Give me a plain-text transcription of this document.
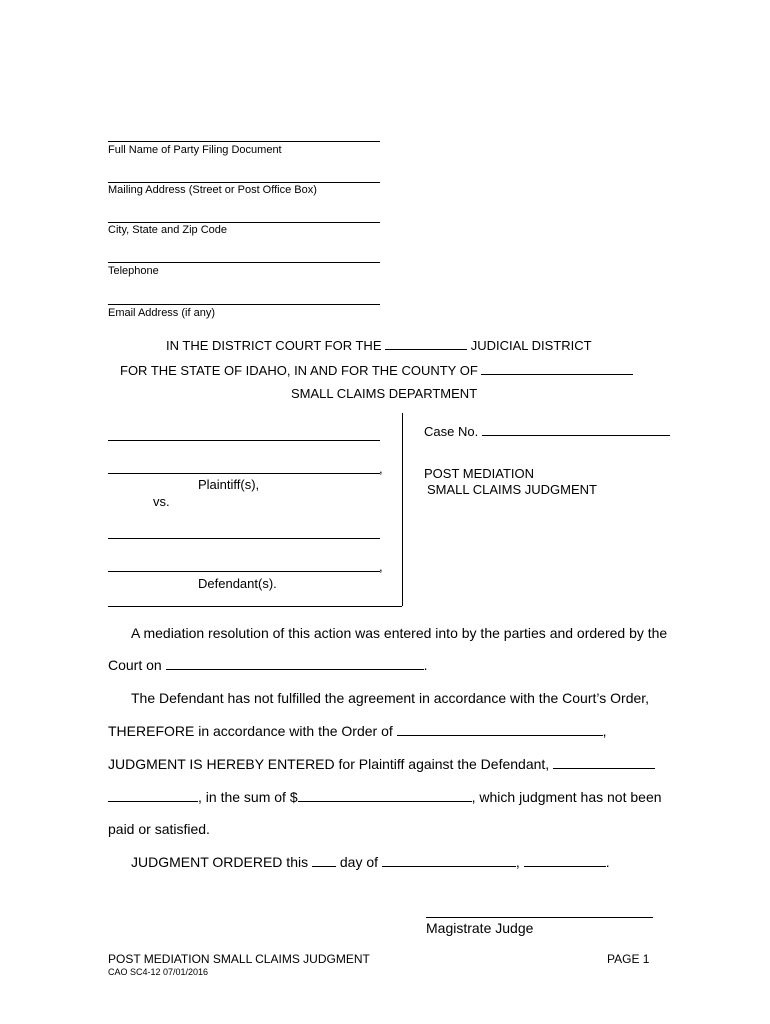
Full Name of Party Filing Document
Mailing Address (Street or Post Office Box)
City, State and Zip Code
Telephone
Email Address (if any)
IN THE DISTRICT COURT FOR THE	JUDICIAL DISTRICT
FOR THE STATE OF IDAHO, IN AND FOR THE COUNTY OF
SMALL CLAIMS DEPARTMENT
,
Plaintiff(s),
vs.
,
Defendant(s).
Case No.
POST MEDIATION
SMALL CLAIMS JUDGMENT
A mediation resolution of this action was entered into by the parties and ordered by the
Court on	.
The Defendant has not fulfilled the agreement in accordance with the Court’s Order,
THEREFORE in accordance with the Order of	,
JUDGMENT IS HEREBY ENTERED for Plaintiff against the Defendant,
, in the sum of $	, which judgment has not been
paid or satisfied.
JUDGMENT ORDERED this day of	,	.
Magistrate Judge
POST MEDIATION SMALL CLAIMS JUDGMENT	PAGE 1
CAO SC4-12 07/01/2016
